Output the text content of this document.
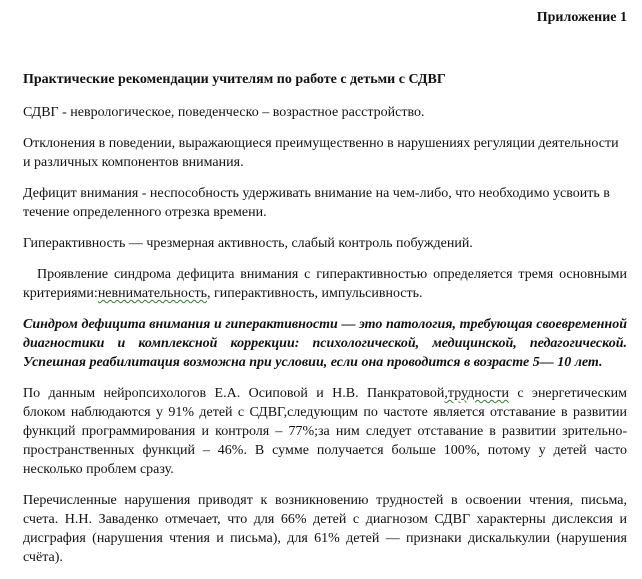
Приложение 1

Практические рекомендации учителям по работе с детьми с СДВГ

СДВГ - неврологическое, поведенческо – возрастное расстройство.

Отклонения в поведении, выражающиеся преимущественно в нарушениях регуляции деятельности и различных компонентов внимания.

Дефицит внимания - неспособность удерживать внимание на чем-либо, что необходимо усвоить в течение определенного отрезка времени.

Гиперактивность — чрезмерная активность, слабый контроль побуждений.

Проявление синдрома дефицита внимания с гиперактивностью определяется тремя основными критериями:невнимательность, гиперактивность, импульсивность.

Синдром дефицита внимания и гиперактивности — это патология, требующая своевременной диагностики и комплексной коррекции: психологической, медицинской, педагогической. Успешная реабилитация возможна при условии, если она проводится в возрасте 5— 10 лет.

По данным нейропсихологов Е.А. Осиповой и Н.В. Панкратовой,трудности с энергетическим блоком наблюдаются у 91% детей с СДВГ,следующим по частоте является отставание в развитии функций программирования и контроля – 77%;за ним следует отставание в развитии зрительно-пространственных функций – 46%. В сумме получается больше 100%, потому у детей часто несколько проблем сразу.

Перечисленные нарушения приводят к возникновению трудностей в освоении чтения, письма, счета. Н.Н. Заваденко отмечает, что для 66% детей с диагнозом СДВГ характерны дислексия и дисграфия (нарушения чтения и письма), для 61% детей — признаки дискалькулии (нарушения счёта).
